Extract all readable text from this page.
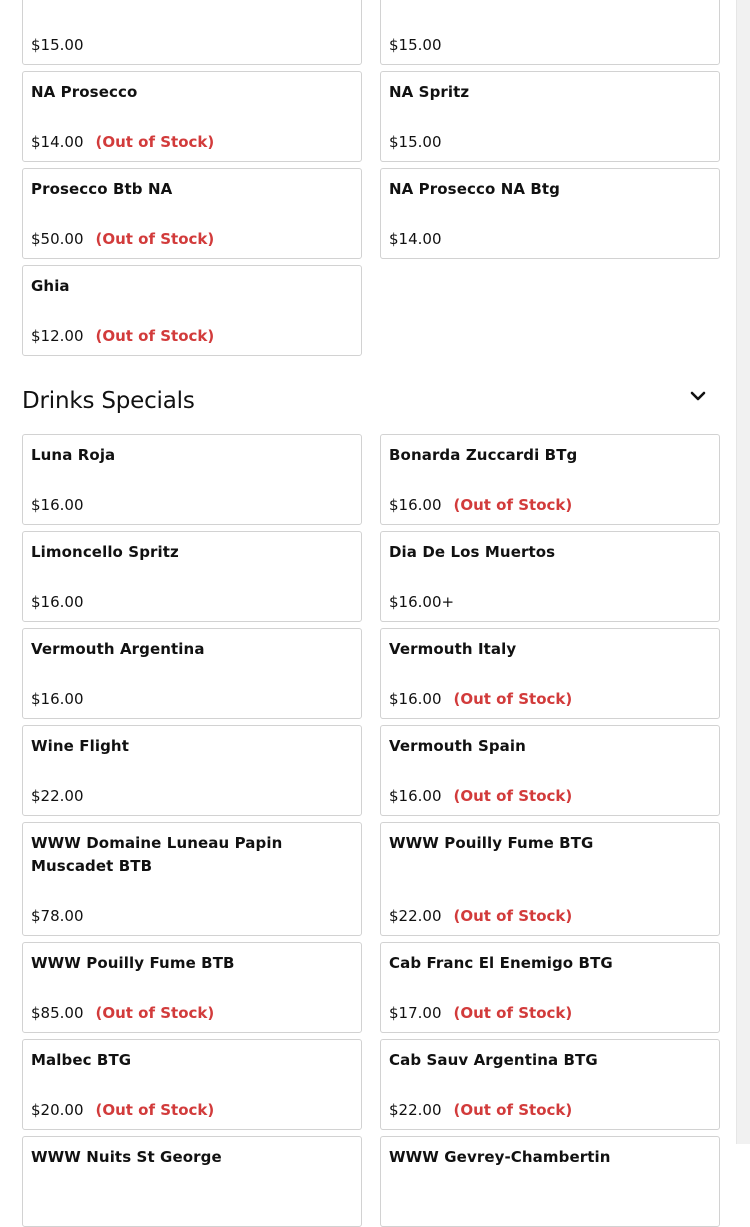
$15.00	$15.00
NA Prosecco
$14.00 (Out of Stock)
NA Spritz
$15.00
Prosecco Btb NA
$50.00 (Out of Stock)
NA Prosecco NA Btg
$14.00
Ghia
$12.00 (Out of Stock)
Drinks Specials
Luna Roja
$16.00
Bonarda Zuccardi BTg
$16.00 (Out of Stock)
Limoncello Spritz
$16.00
Dia De Los Muertos
$16.00+
Vermouth Argentina
$16.00
Vermouth Italy
$16.00 (Out of Stock)
Wine Flight
$22.00
Vermouth Spain
$16.00 (Out of Stock)
WWW Domaine Luneau Papin Muscadet BTB
$78.00
WWW Pouilly Fume BTG
$22.00 (Out of Stock)
WWW Pouilly Fume BTB
$85.00 (Out of Stock)
Cab Franc El Enemigo BTG
$17.00 (Out of Stock)
Malbec BTG
$20.00 (Out of Stock)
Cab Sauv Argentina BTG
$22.00 (Out of Stock)
WWW Nuits St George	WWW Gevrey-Chambertin
